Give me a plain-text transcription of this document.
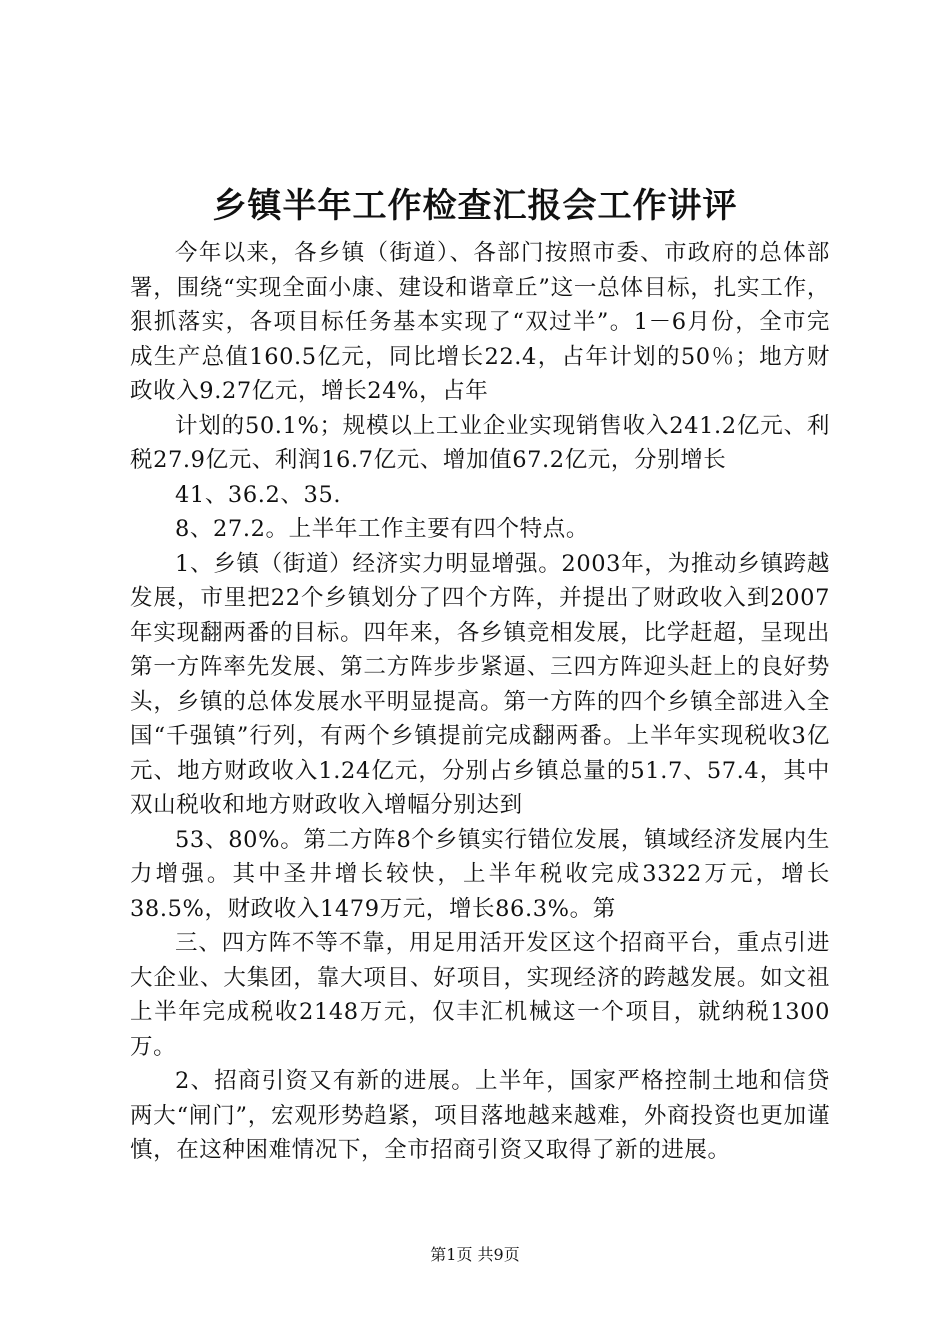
乡镇半年工作检查汇报会工作讲评

今年以来，各乡镇（街道）、各部门按照市委、市政府的总体部署，围绕“实现全面小康、建设和谐章丘”这一总体目标，扎实工作，狠抓落实，各项目标任务基本实现了“双过半”。1－6月份，全市完成生产总值160.5亿元，同比增长22.4，占年计划的50％；地方财政收入9.27亿元，增长24%，占年

计划的50.1%；规模以上工业企业实现销售收入241.2亿元、利税27.9亿元、利润16.7亿元、增加值67.2亿元，分别增长

41、36.2、35.

8、27.2。上半年工作主要有四个特点。

1、乡镇（街道）经济实力明显增强。2003年，为推动乡镇跨越发展，市里把22个乡镇划分了四个方阵，并提出了财政收入到2007年实现翻两番的目标。四年来，各乡镇竞相发展，比学赶超，呈现出第一方阵率先发展、第二方阵步步紧逼、三四方阵迎头赶上的良好势头，乡镇的总体发展水平明显提高。第一方阵的四个乡镇全部进入全国“千强镇”行列，有两个乡镇提前完成翻两番。上半年实现税收3亿元、地方财政收入1.24亿元，分别占乡镇总量的51.7、57.4，其中双山税收和地方财政收入增幅分别达到

53、80%。第二方阵8个乡镇实行错位发展，镇域经济发展内生力增强。其中圣井增长较快，上半年税收完成3322万元，增长38.5%，财政收入1479万元，增长86.3%。第

三、四方阵不等不靠，用足用活开发区这个招商平台，重点引进大企业、大集团，靠大项目、好项目，实现经济的跨越发展。如文祖上半年完成税收2148万元，仅丰汇机械这一个项目，就纳税1300万。

2、招商引资又有新的进展。上半年，国家严格控制土地和信贷两大“闸门”，宏观形势趋紧，项目落地越来越难，外商投资也更加谨慎，在这种困难情况下，全市招商引资又取得了新的进展。

第1页 共9页
